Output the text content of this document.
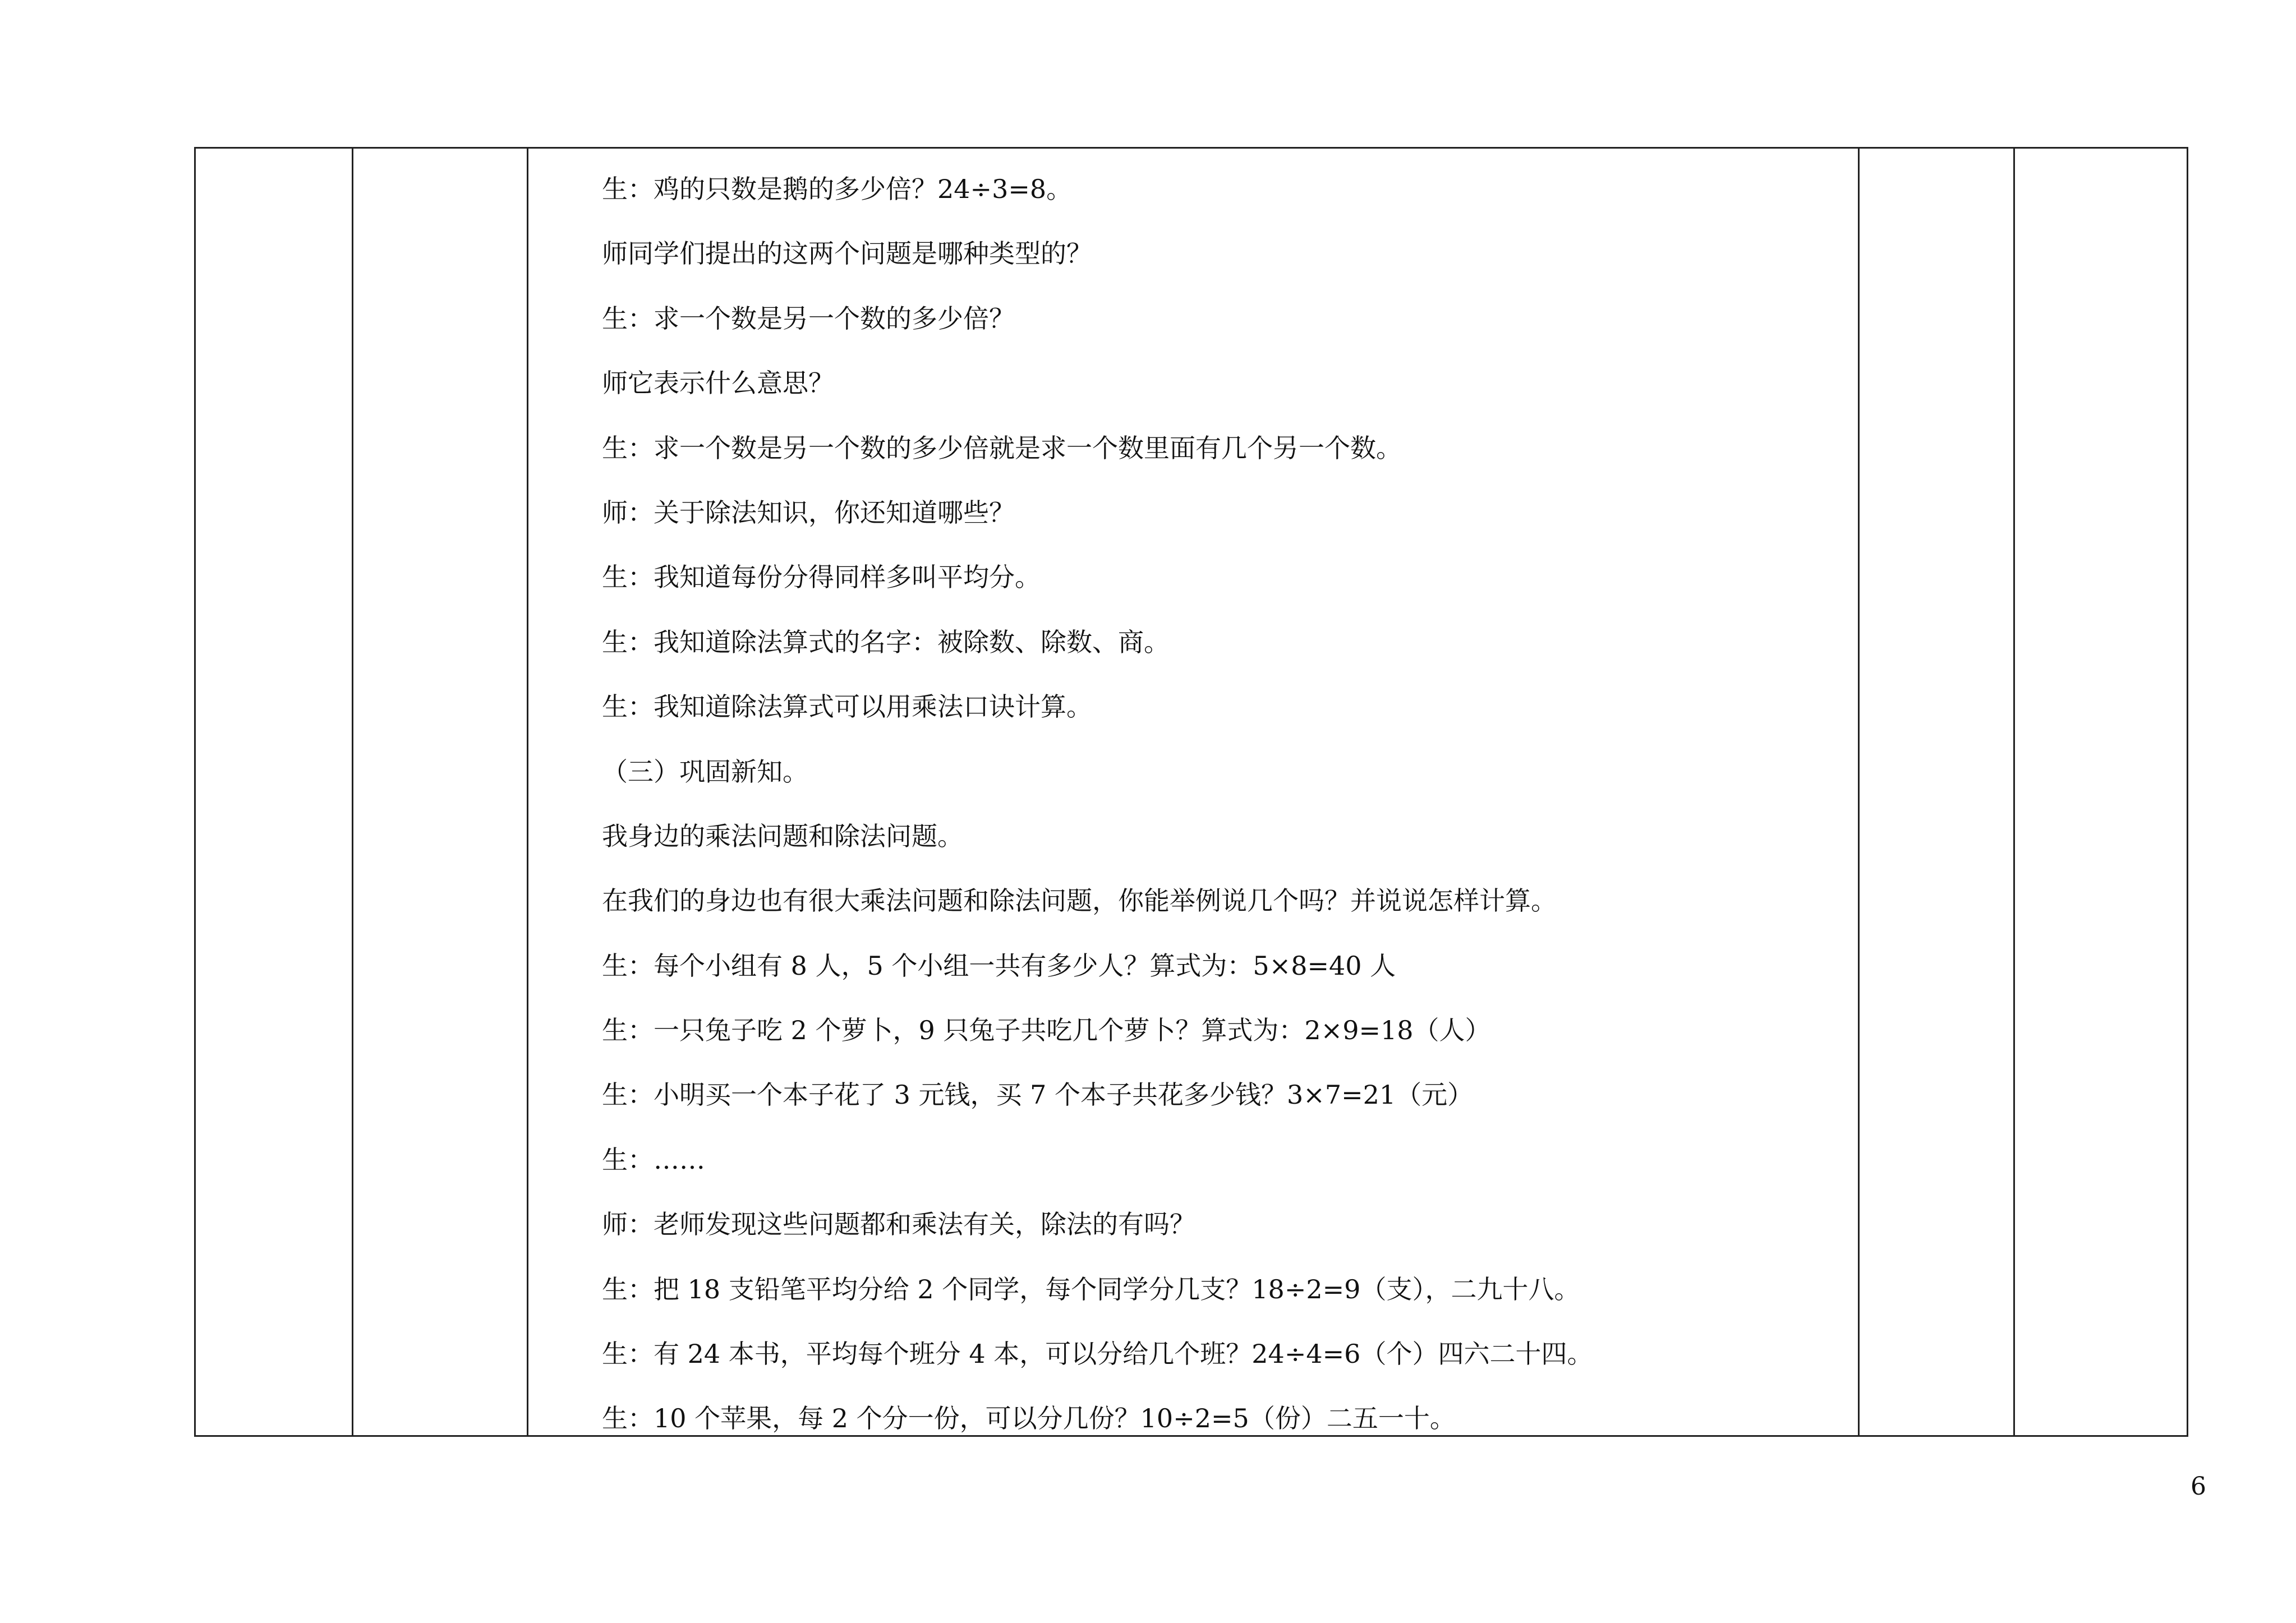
生：鸡的只数是鹅的多少倍？24÷3=8。
师同学们提出的这两个问题是哪种类型的？
生：求一个数是另一个数的多少倍？
师它表示什么意思？
生：求一个数是另一个数的多少倍就是求一个数里面有几个另一个数。
师：关于除法知识，你还知道哪些？
生：我知道每份分得同样多叫平均分。
生：我知道除法算式的名字：被除数、除数、商。
生：我知道除法算式可以用乘法口诀计算。
（三）巩固新知。
我身边的乘法问题和除法问题。
在我们的身边也有很大乘法问题和除法问题，你能举例说几个吗？并说说怎样计算。
生：每个小组有 8 人，5 个小组一共有多少人？算式为：5×8=40 人
生：一只兔子吃 2 个萝卜，9 只兔子共吃几个萝卜？算式为：2×9=18（人）
生：小明买一个本子花了 3 元钱，买 7 个本子共花多少钱？3×7=21（元）
生：……
师：老师发现这些问题都和乘法有关，除法的有吗？
生：把 18 支铅笔平均分给 2 个同学，每个同学分几支？18÷2=9（支），二九十八。
生：有 24 本书，平均每个班分 4 本，可以分给几个班？24÷4=6（个）四六二十四。
生：10 个苹果，每 2 个分一份，可以分几份？10÷2=5（份）二五一十。
6
